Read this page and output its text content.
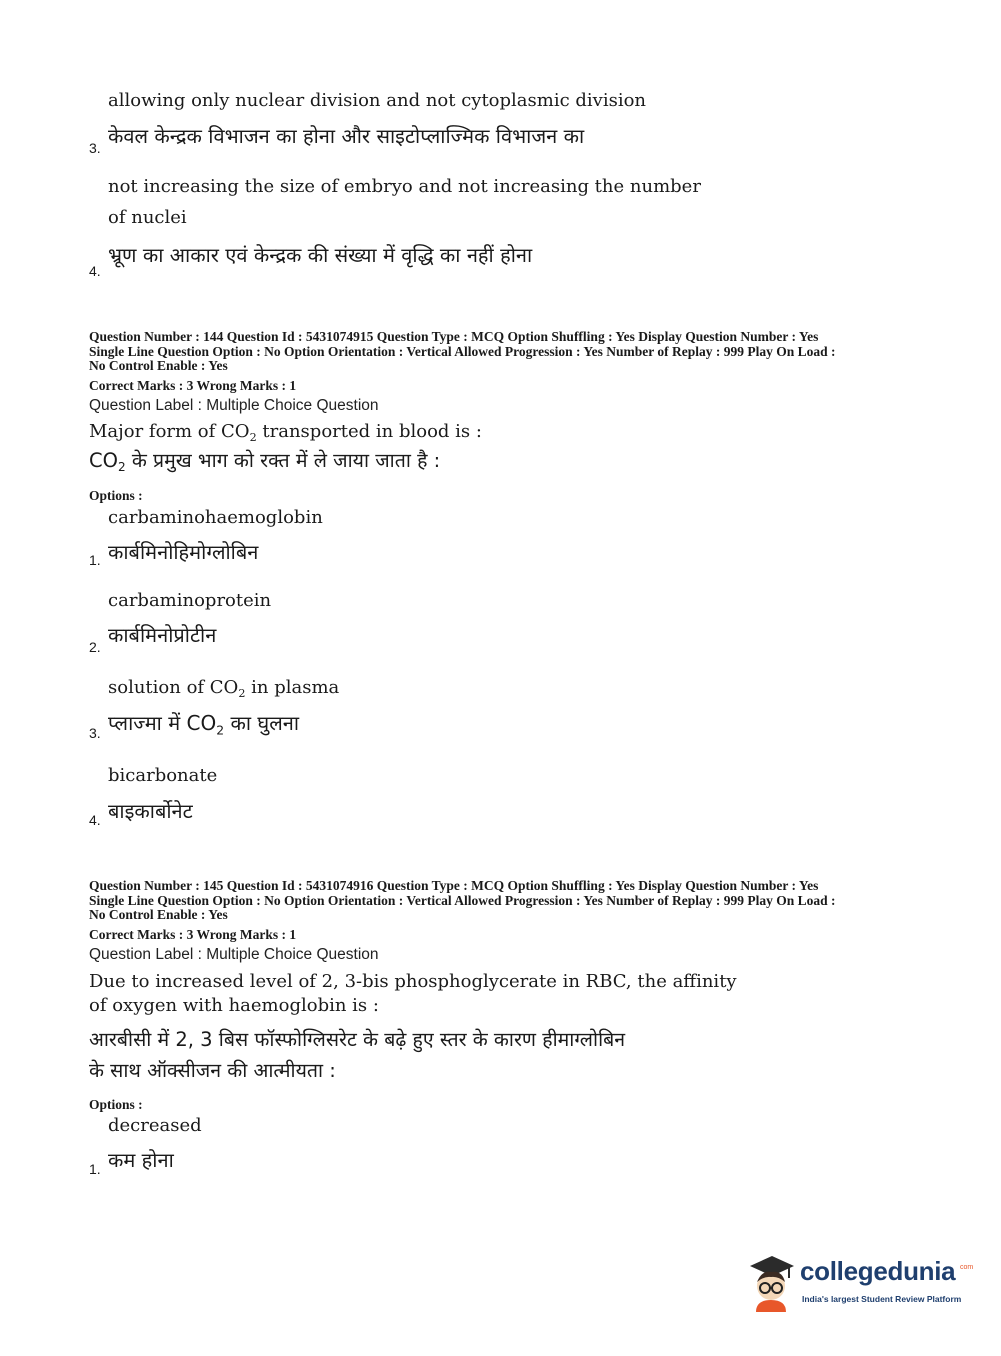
allowing only nuclear division and not cytoplasmic division
केवल केन्द्रक विभाजन का होना और साइटोप्लाज्मिक विभाजन का
3.
not increasing the size of embryo and not increasing the number
of nuclei
भ्रूण का आकार एवं केन्द्रक की संख्या में वृद्धि का नहीं होना
4.
Question Number : 144 Question Id : 5431074915 Question Type : MCQ Option Shuffling : Yes Display Question Number : Yes
Single Line Question Option : No Option Orientation : Vertical Allowed Progression : Yes Number of Replay : 999 Play On Load :
No Control Enable : Yes
Correct Marks : 3 Wrong Marks : 1
Question Label : Multiple Choice Question
Major form of $CO_2$ transported in blood is :
$CO_2$ के प्रमुख भाग को रक्त में ले जाया जाता है :
Options :
carbaminohaemoglobin
कार्बमिनोहिमोग्लोबिन
1.
carbaminoprotein
कार्बमिनोप्रोटीन
2.
solution of $CO_2$ in plasma
प्लाज्मा में $CO_2$ का घुलना
3.
bicarbonate
बाइकार्बोनेट
4.
Question Number : 145 Question Id : 5431074916 Question Type : MCQ Option Shuffling : Yes Display Question Number : Yes
Single Line Question Option : No Option Orientation : Vertical Allowed Progression : Yes Number of Replay : 999 Play On Load :
No Control Enable : Yes
Correct Marks : 3 Wrong Marks : 1
Question Label : Multiple Choice Question
Due to increased level of 2, 3-bis phosphoglycerate in RBC, the affinity
of oxygen with haemoglobin is :
आरबीसी में 2, 3 बिस फॉस्फोग्लिसरेट के बढ़े हुए स्तर के कारण हीमाग्लोबिन
के साथ ऑक्सीजन की आत्मीयता :
Options :
decreased
कम होना
1.
collegedunia com
India's largest Student Review Platform
